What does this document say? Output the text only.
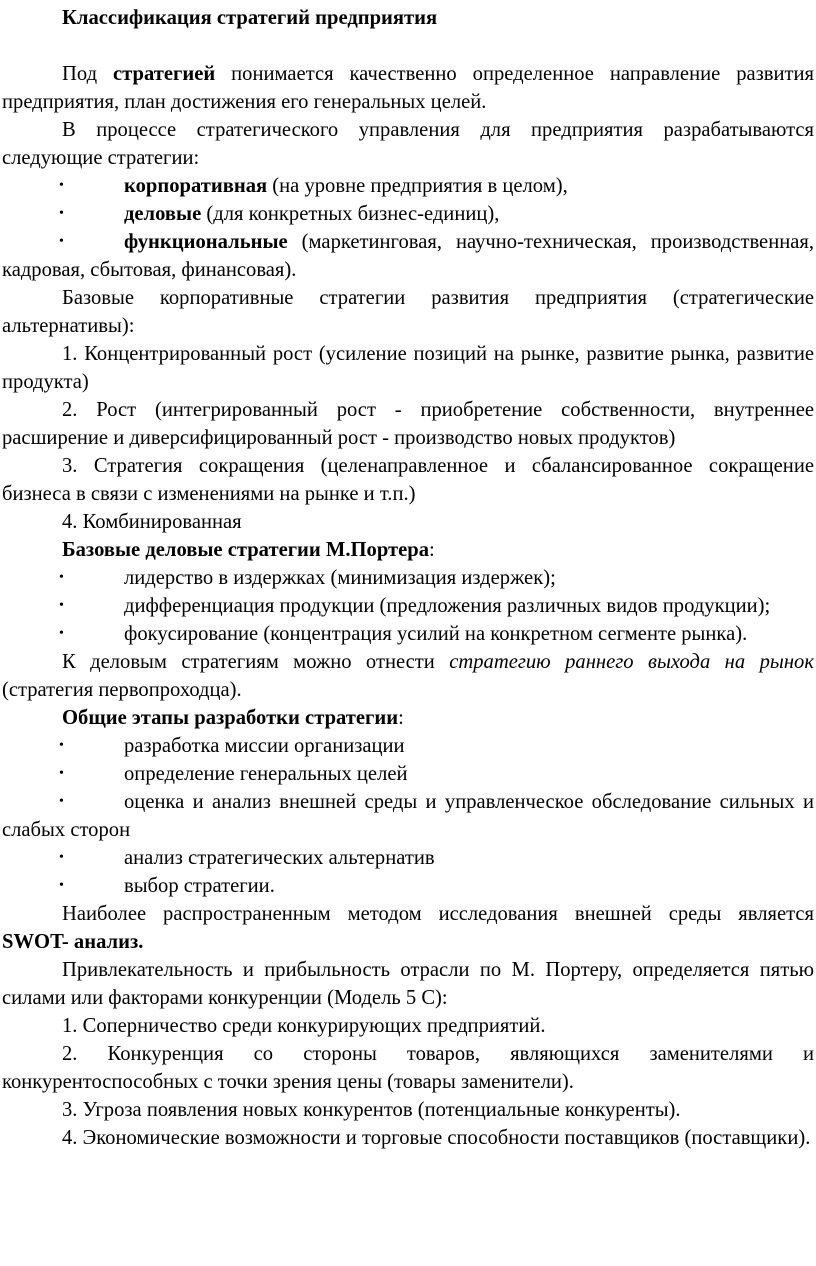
Классификация стратегий предприятия

Под стратегией понимается качественно определенное направление развития предприятия, план достижения его генеральных целей.

В процессе стратегического управления для предприятия разрабатываются следующие стратегии:

•	корпоративная (на уровне предприятия в целом),
•	деловые (для конкретных бизнес-единиц),
•	функциональные (маркетинговая, научно-техническая, производственная, кадровая, сбытовая, финансовая).

Базовые корпоративные стратегии развития предприятия (стратегические альтернативы):

1. Концентрированный рост (усиление позиций на рынке, развитие рынка, развитие продукта)

2. Рост (интегрированный рост - приобретение собственности, внутреннее расширение и диверсифицированный рост - производство новых продуктов)

3. Стратегия сокращения (целенаправленное и сбалансированное сокращение бизнеса в связи с изменениями на рынке и т.п.)

4. Комбинированная

Базовые деловые стратегии М.Портера:

•	лидерство в издержках (минимизация издержек);
•	дифференциация продукции (предложения различных видов продукции);
•	фокусирование (концентрация усилий на конкретном сегменте рынка).

К деловым стратегиям можно отнести стратегию раннего выхода на рынок (стратегия первопроходца).

Общие этапы разработки стратегии:

•	разработка миссии организации
•	определение генеральных целей
•	оценка и анализ внешней среды и управленческое обследование сильных и слабых сторон
•	анализ стратегических альтернатив
•	выбор стратегии.

Наиболее распространенным методом исследования внешней среды является SWOT- анализ.

Привлекательность и прибыльность отрасли по М. Портеру, определяется пятью силами или факторами конкуренции (Модель 5 С):

1. Соперничество среди конкурирующих предприятий.

2. Конкуренция со стороны товаров, являющихся заменителями и конкурентоспособных с точки зрения цены (товары заменители).

3. Угроза появления новых конкурентов (потенциальные конкуренты).

4. Экономические возможности и торговые способности поставщиков (поставщики).
